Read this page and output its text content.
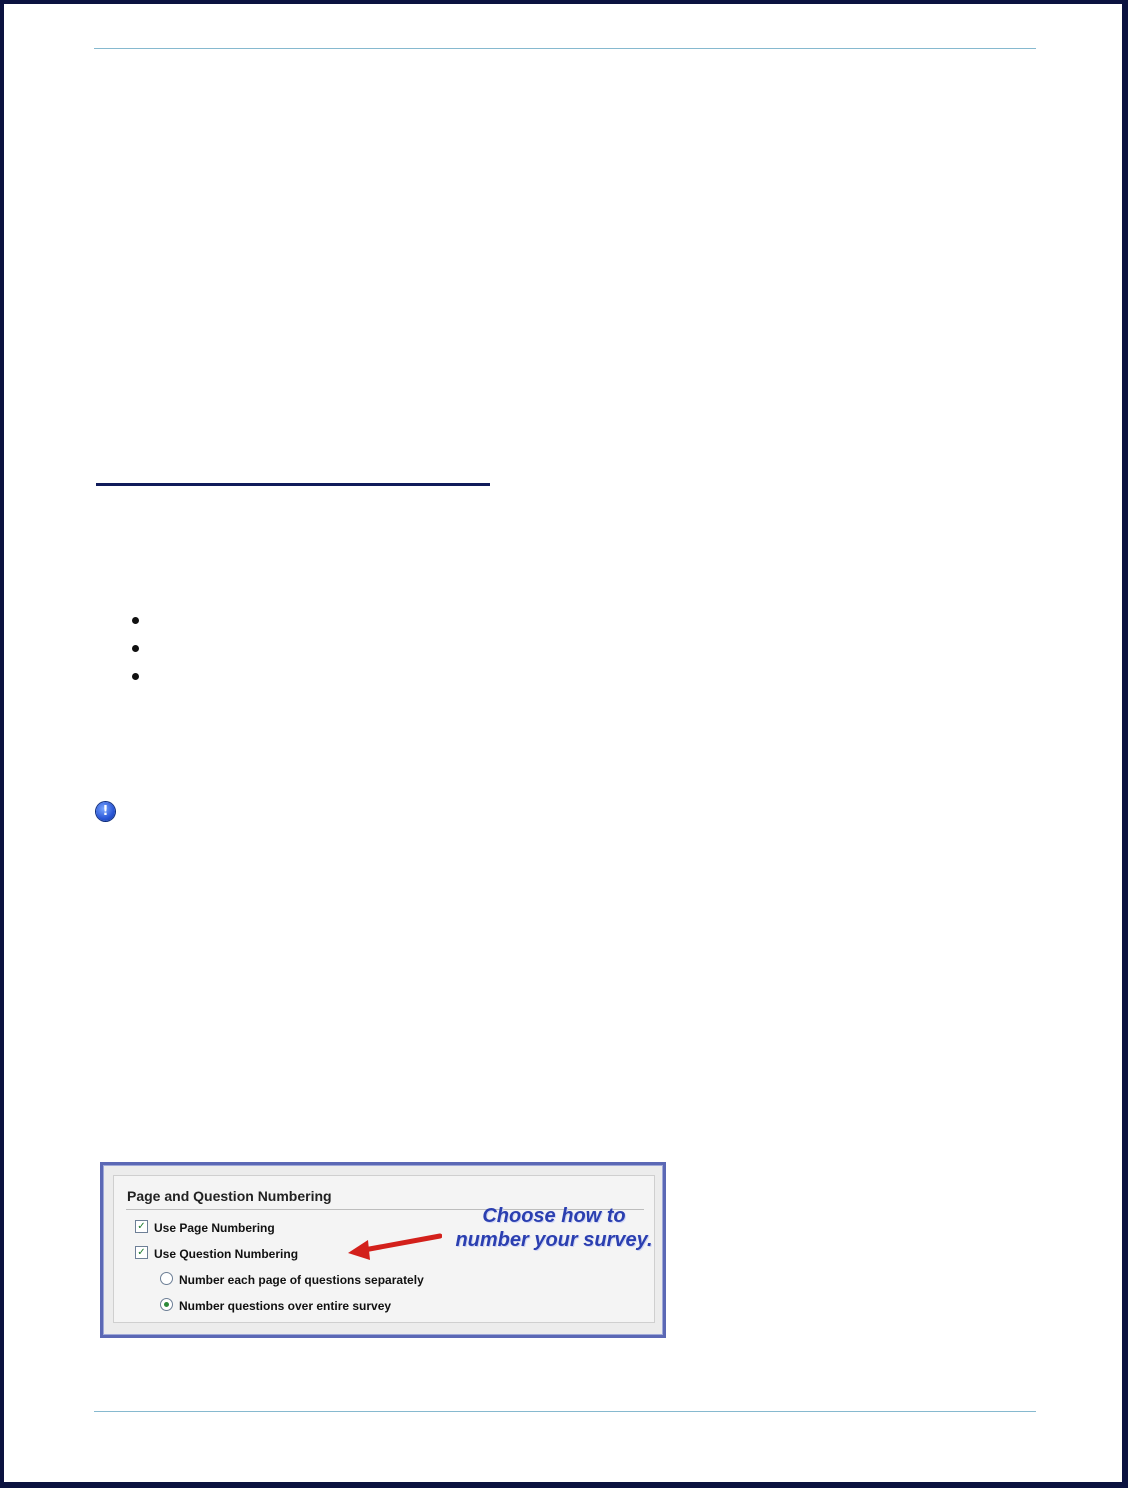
!
Page and Question Numbering
✓ Use Page Numbering
✓ Use Question Numbering
Number each page of questions separately
Number questions over entire survey
Choose how to number your survey.
